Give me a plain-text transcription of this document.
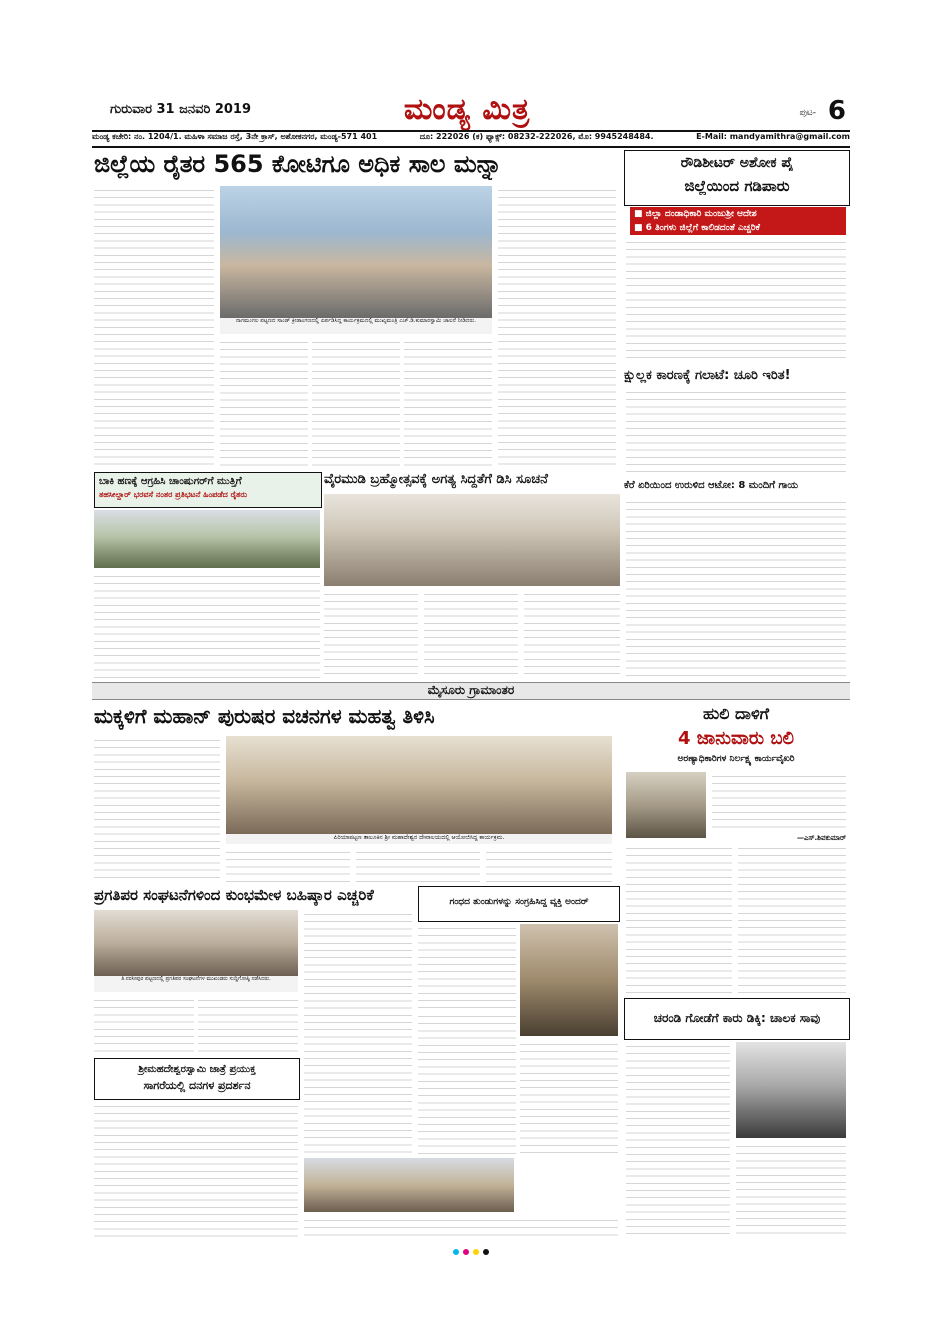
ಗುರುವಾರ 31 ಜನವರಿ 2019	ಮಂಡ್ಯ ಮಿತ್ರ	ಪುಟ- 6
ಮಂಡ್ಯ ಕಚೇರಿ: ನಂ. 1204/1. ಮಹಿಳಾ ಸಮಾಜ ರಸ್ತೆ, 3ನೇ ಕ್ರಾಸ್, ಅಶೋಕನಗರ, ಮಂಡ್ಯ-571 401	ದೂ: 222026 (ಕ) ಫ್ಯಾಕ್ಸ್: 08232-222026, ಮೊ: 9945248484.	E-Mail: mandyamithra@gmail.com
ಜಿಲ್ಲೆಯ ರೈತರ 565 ಕೋಟಿಗೂ ಅಧಿಕ ಸಾಲ ಮನ್ನಾ
ನಾಗಮಂಗಲ ಪಟ್ಟಣದ ಸಾಂಡ್ ಕ್ರೀಡಾಂಗಣದಲ್ಲಿ ಏರ್ಪಡಿಸಿದ್ದ ಕಾರ್ಯಕ್ರಮದಲ್ಲಿ ಮುಖ್ಯಮಂತ್ರಿ ಎಚ್.ಡಿ.ಕುಮಾರಸ್ವಾಮಿ ಚಾಲನೆ ನೀಡಿದರು.
ರೌಡಿಶೀಟರ್ ಅಶೋಕ ಪೈ
ಜಿಲ್ಲೆಯಿಂದ ಗಡಿಪಾರು
■ ಜಿಲ್ಲಾ ದಂಡಾಧಿಕಾರಿ ಮಂಜುಶ್ರೀ ಆದೇಶ
■ 6 ತಿಂಗಳು ಜಿಲ್ಲೆಗೆ ಕಾಲಿಡದಂತೆ ಎಚ್ಚರಿಕೆ
ಕ್ಷುಲ್ಲಕ ಕಾರಣಕ್ಕೆ ಗಲಾಟೆ: ಚೂರಿ ಇರಿತ!
ಕೆರೆ ಏರಿಯಿಂದ ಉರುಳಿದ ಆಟೋ: 8 ಮಂದಿಗೆ ಗಾಯ
ಬಾಕಿ ಹಣಕ್ಕೆ ಆಗ್ರಹಿಸಿ ಚಾಂಷುಗರ್‌ಗೆ ಮುತ್ತಿಗೆ
ತಹಸೀಲ್ದಾರ್ ಭರವಸೆ ನಂತರ ಪ್ರತಿಭಟನೆ ಹಿಂಪಡೆದ ರೈತರು
ವೈರಮುಡಿ ಬ್ರಹ್ಮೋತ್ಸವಕ್ಕೆ ಅಗತ್ಯ ಸಿದ್ದತೆಗೆ ಡಿಸಿ ಸೂಚನೆ
ಮೈಸೂರು ಗ್ರಾಮಾಂತರ
ಮಕ್ಕಳಿಗೆ ಮಹಾನ್ ಪುರುಷರ ವಚನಗಳ ಮಹತ್ವ ತಿಳಿಸಿ
ಪಿರಿಯಾಪಟ್ಟಣ ತಾಲೂಕಿನ ಶ್ರೀ ಮಹಾದೇಶ್ವರ ದೇವಾಲಯದಲ್ಲಿ ಆಯೋಜಿಸಿದ್ದ ಕಾರ್ಯಕ್ರಮ.
ಹುಲಿ ದಾಳಿಗೆ
4 ಜಾನುವಾರು ಬಲಿ
ಅರಣ್ಯಾಧಿಕಾರಿಗಳ ನಿರ್ಲಕ್ಷ್ಯ ಕಾರ್ಯವೈಖರಿ
—ಎಸ್.ಶಿವಕುಮಾರ್
ಪ್ರಗತಿಪರ ಸಂಘಟನೆಗಳಿಂದ ಕುಂಭಮೇಳ ಬಹಿಷ್ಕಾರ ಎಚ್ಚರಿಕೆ
ತಿ.ನರಸೀಪುರ ಪಟ್ಟಣದಲ್ಲಿ ಪ್ರಗತಿಪರ ಸಂಘಟನೆಗಳ ಮುಖಂಡರು ಸುದ್ದಿಗೋಷ್ಠಿ ನಡೆಸಿದರು.
ಗಂಧದ ತುಂಡುಗಳನ್ನು ಸಂಗ್ರಹಿಸಿದ್ದ ವ್ಯಕ್ತಿ ಅಂದರ್
ಚರಂಡಿ ಗೋಡೆಗೆ ಕಾರು ಡಿಕ್ಕಿ: ಚಾಲಕ ಸಾವು
ಶ್ರೀಮಹದೇಶ್ವರಸ್ವಾಮಿ ಜಾತ್ರೆ ಪ್ರಯುಕ್ತ
ಸಾಗರೆಯಲ್ಲಿ ದನಗಳ ಪ್ರದರ್ಶನ
